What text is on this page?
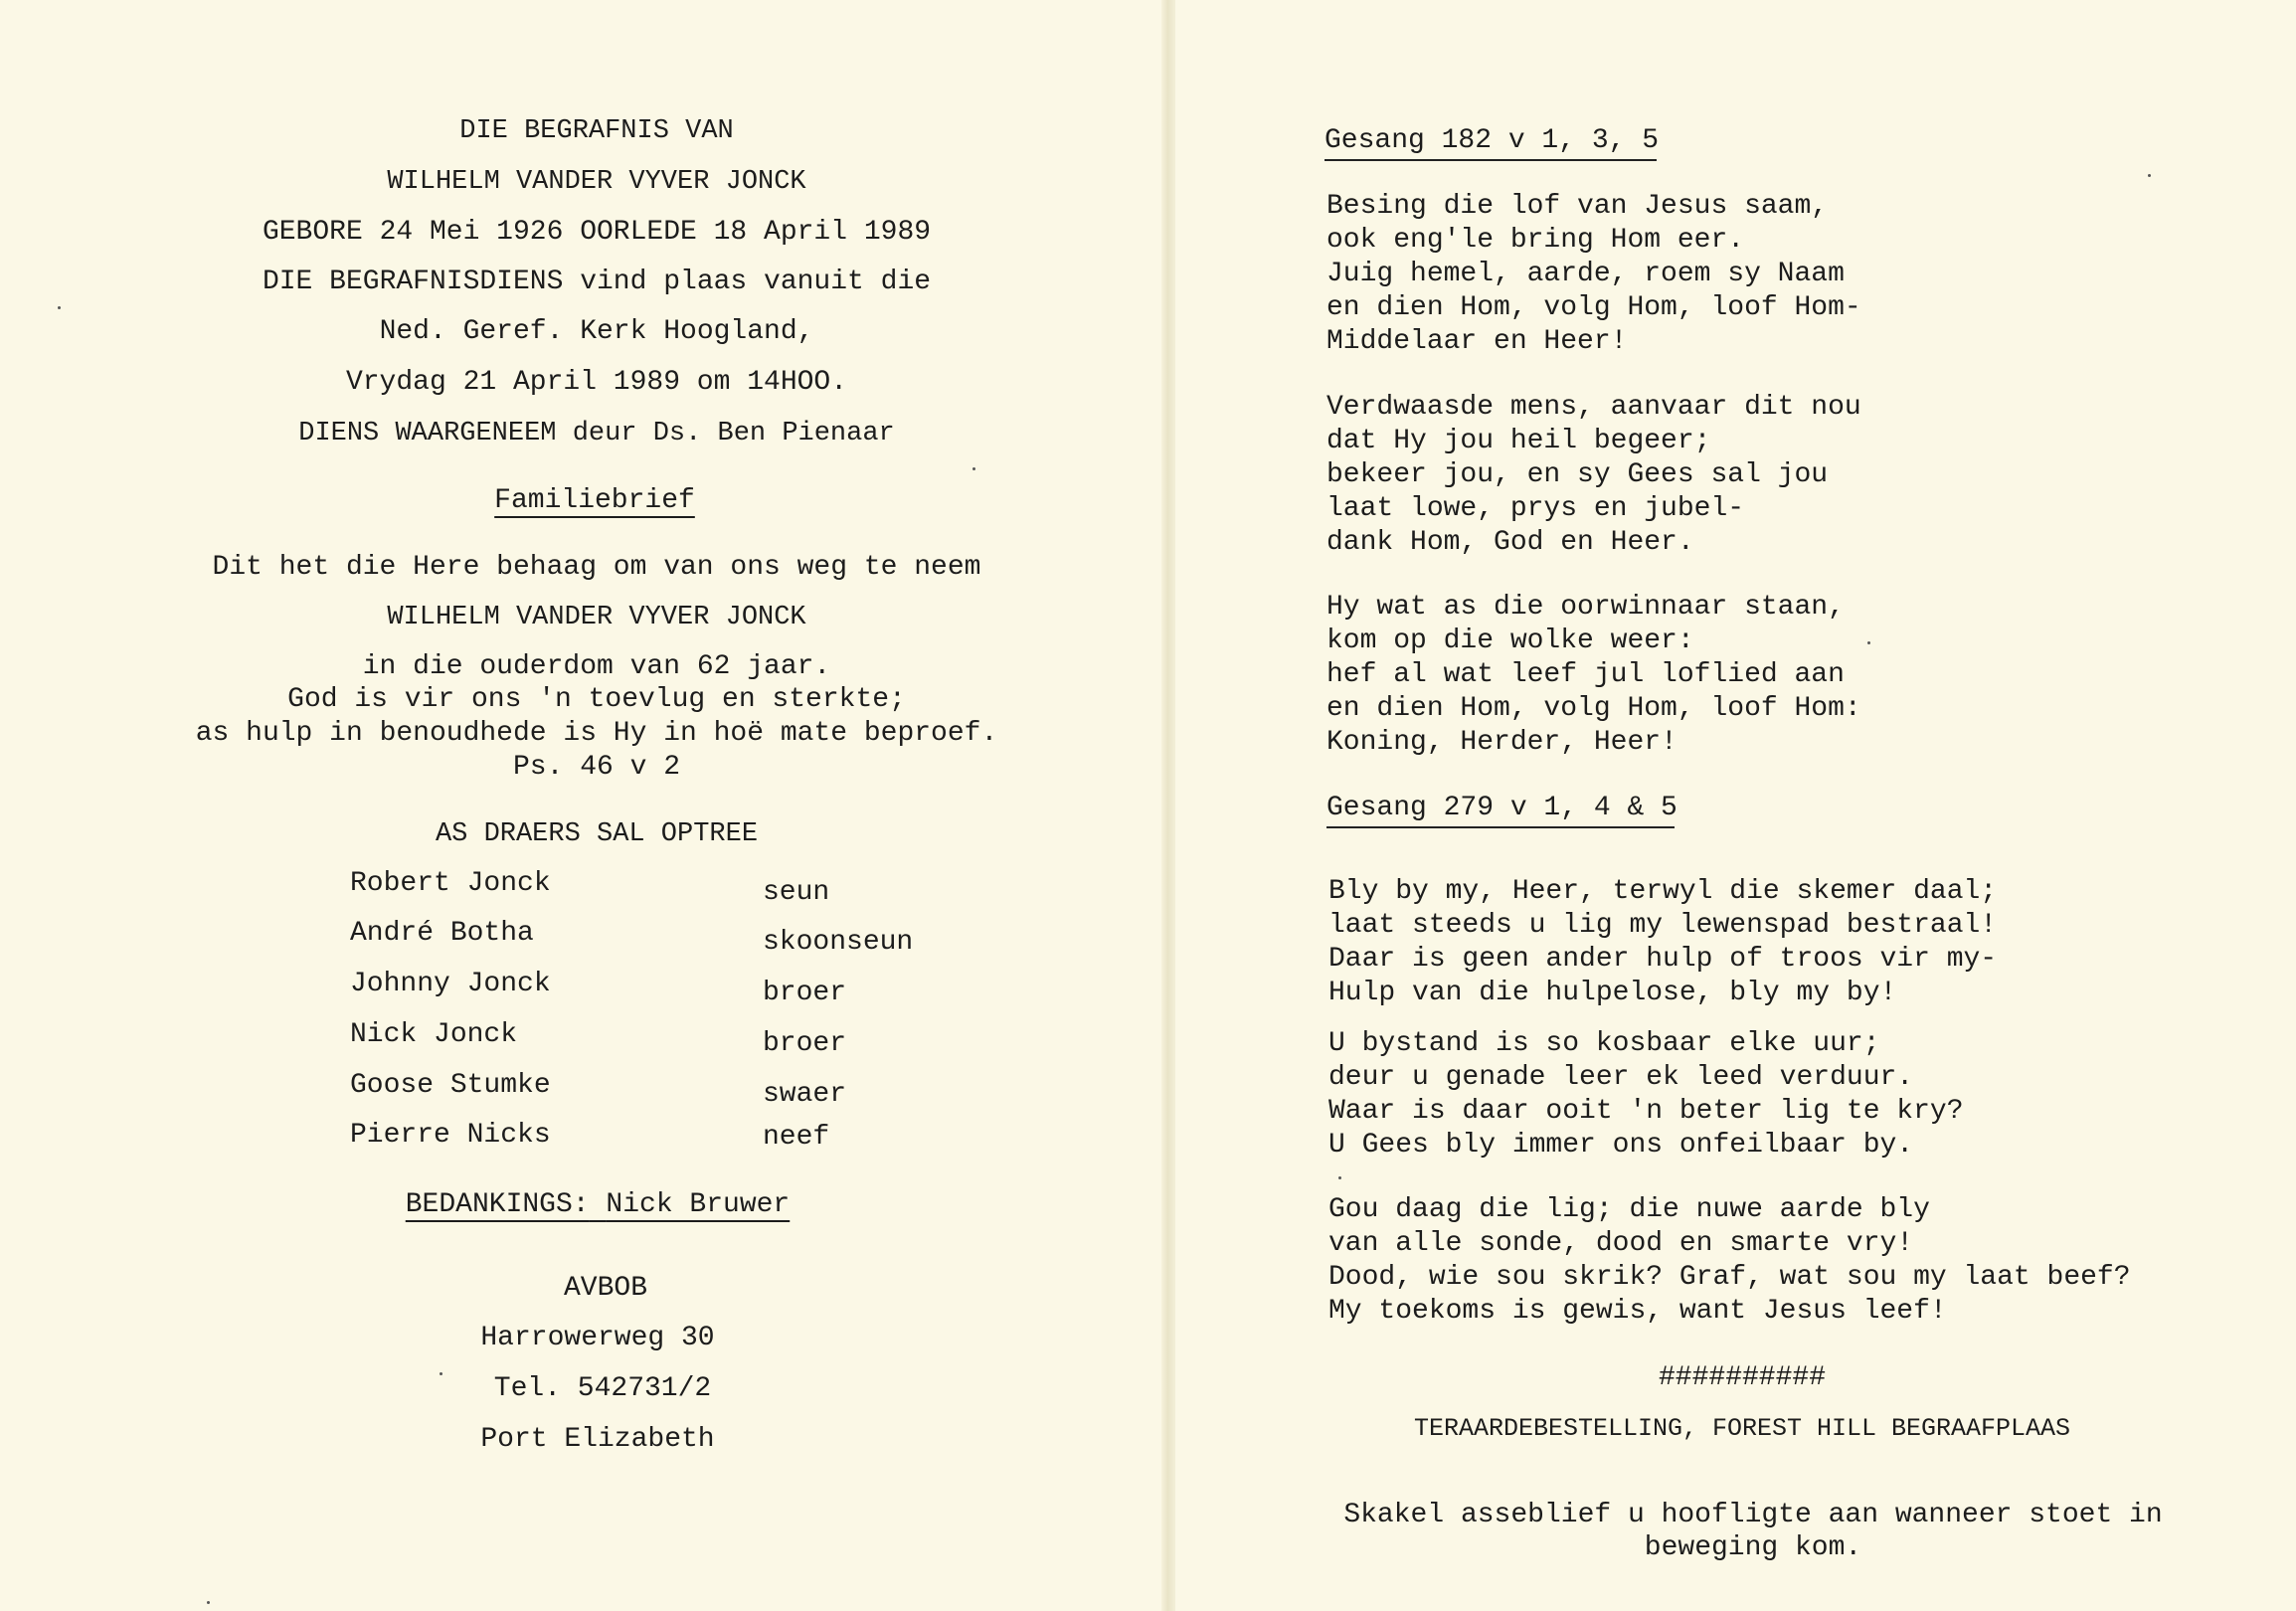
DIE BEGRAFNIS VAN
WILHELM VANDER VYVER JONCK
GEBORE 24 Mei 1926 OORLEDE 18 April 1989
DIE BEGRAFNISDIENS vind plaas vanuit die
Ned. Geref. Kerk Hoogland,
Vrydag 21 April 1989 om 14HOO.
DIENS WAARGENEEM deur Ds. Ben Pienaar
Familiebrief
Dit het die Here behaag om van ons weg te neem
WILHELM VANDER VYVER JONCK
in die ouderdom van 62 jaar.
God is vir ons 'n toevlug en sterkte;
as hulp in benoudhede is Hy in hoë mate beproef.
Ps. 46 v 2
AS DRAERS SAL OPTREE
Robert Jonck	seun
André Botha	skoonseun
Johnny Jonck	broer
Nick Jonck	broer
Goose Stumke	swaer
Pierre Nicks	neef
BEDANKINGS: Nick Bruwer
AVBOB
Harrowerweg 30
Tel. 542731/2
Port Elizabeth
Gesang 182 v 1, 3, 5
Besing die lof van Jesus saam,
ook eng'le bring Hom eer.
Juig hemel, aarde, roem sy Naam
en dien Hom, volg Hom, loof Hom-
Middelaar en Heer!
Verdwaasde mens, aanvaar dit nou
dat Hy jou heil begeer;
bekeer jou, en sy Gees sal jou
laat lowe, prys en jubel-
dank Hom, God en Heer.
Hy wat as die oorwinnaar staan,
kom op die wolke weer:
hef al wat leef jul loflied aan
en dien Hom, volg Hom, loof Hom:
Koning, Herder, Heer!
Gesang 279 v 1, 4 & 5
Bly by my, Heer, terwyl die skemer daal;
laat steeds u lig my lewenspad bestraal!
Daar is geen ander hulp of troos vir my-
Hulp van die hulpelose, bly my by!
U bystand is so kosbaar elke uur;
deur u genade leer ek leed verduur.
Waar is daar ooit 'n beter lig te kry?
U Gees bly immer ons onfeilbaar by.
Gou daag die lig; die nuwe aarde bly
van alle sonde, dood en smarte vry!
Dood, wie sou skrik? Graf, wat sou my laat beef?
My toekoms is gewis, want Jesus leef!
##########
TERAARDEBESTELLING, FOREST HILL BEGRAAFPLAAS
Skakel asseblief u hoofligte aan wanneer stoet in
beweging kom.
